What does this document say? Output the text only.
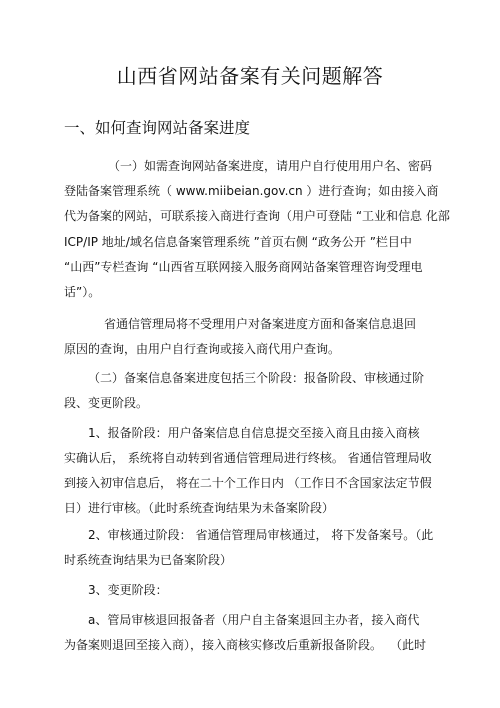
山西省网站备案有关问题解答
一、如何查询网站备案进度
（一）如需查询网站备案进度，请用户自行使用用户名、密码
登陆备案管理系统（ www.miibeian.gov.cn ）进行查询；如由接入商
代为备案的网站，可联系接入商进行查询（用户可登陆 “工业和信息 化部
ICP/IP 地址/域名信息备案管理系统 ”首页右侧 “政务公开 ”栏目中
“山西”专栏查询 “山西省互联网接入服务商网站备案管理咨询受理电
话”）。
省通信管理局将不受理用户对备案进度方面和备案信息退回
原因的查询，由用户自行查询或接入商代用户查询。
（二）备案信息备案进度包括三个阶段：报备阶段、审核通过阶
段、变更阶段。
1、报备阶段：用户备案信息自信息提交至接入商且由接入商核
实确认后， 系统将自动转到省通信管理局进行终核。 省通信管理局收
到接入初审信息后， 将在二十个工作日内 （工作日不含国家法定节假
日）进行审核。（此时系统查询结果为未备案阶段）
2、审核通过阶段： 省通信管理局审核通过， 将下发备案号。（此
时系统查询结果为已备案阶段）
3、变更阶段：
a、管局审核退回报备者（用户自主备案退回主办者，接入商代
为备案则退回至接入商），接入商核实修改后重新报备阶段。 （此时
